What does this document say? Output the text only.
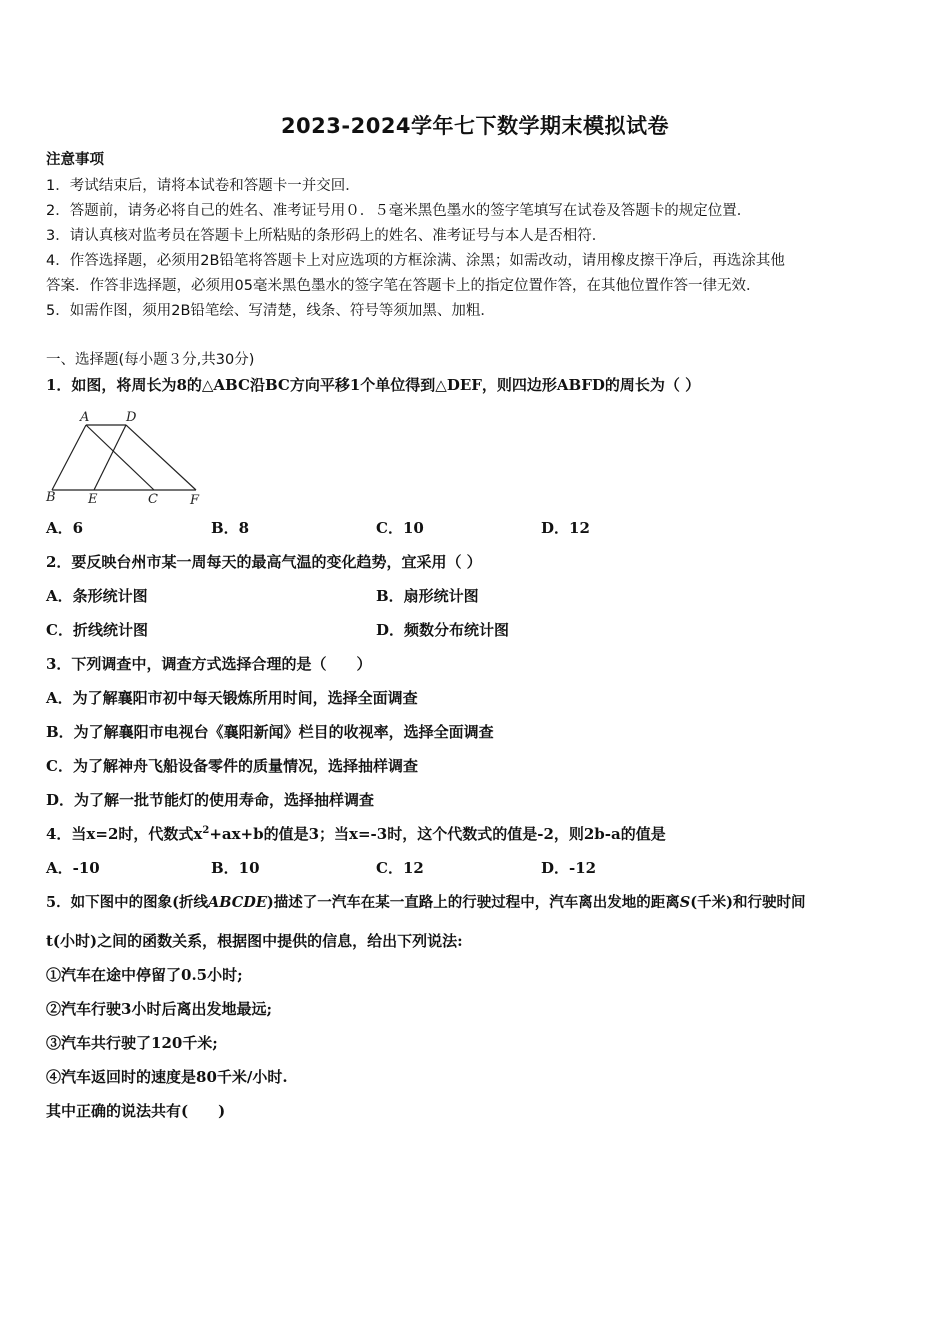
2023-2024学年七下数学期末模拟试卷
注意事项
1．考试结束后，请将本试卷和答题卡一并交回．
2．答题前，请务必将自己的姓名、准考证号用０．５毫米黑色墨水的签字笔填写在试卷及答题卡的规定位置．
3．请认真核对监考员在答题卡上所粘贴的条形码上的姓名、准考证号与本人是否相符．
4．作答选择题，必须用2B铅笔将答题卡上对应选项的方框涂满、涂黑；如需改动，请用橡皮擦干净后，再选涂其他
答案．作答非选择题，必须用05毫米黑色墨水的签字笔在答题卡上的指定位置作答，在其他位置作答一律无效．
5．如需作图，须用2B铅笔绘、写清楚，线条、符号等须加黑、加粗．
一、选择题(每小题３分,共30分)
1．如图，将周长为8的△ABC沿BC方向平移1个单位得到△DEF，则四边形ABFD的周长为（ ）
A	D
B E	C F
A．6	B．8	C．10	D．12
2．要反映台州市某一周每天的最高气温的变化趋势，宜采用（ ）
A．条形统计图	B．扇形统计图
C．折线统计图	D．频数分布统计图
3．下列调查中，调查方式选择合理的是（　　）
A．为了解襄阳市初中每天锻炼所用时间，选择全面调查
B．为了解襄阳市电视台《襄阳新闻》栏目的收视率，选择全面调查
C．为了解神舟飞船设备零件的质量情况，选择抽样调查
D．为了解一批节能灯的使用寿命，选择抽样调查
4．当x=2时，代数式$x^2+ax+b$的值是3；当x=-3时，这个代数式的值是-2，则2b-a的值是
A．-10	B．10	C．12	D．-12
5．如下图中的图象(折线ABCDE)描述了一汽车在某一直路上的行驶过程中，汽车离出发地的距离S(千米)和行驶时间
t(小时)之间的函数关系，根据图中提供的信息，给出下列说法:
①汽车在途中停留了0.5小时;
②汽车行驶3小时后离出发地最远;
③汽车共行驶了120千米;
④汽车返回时的速度是80千米/小时.
其中正确的说法共有(　　)
